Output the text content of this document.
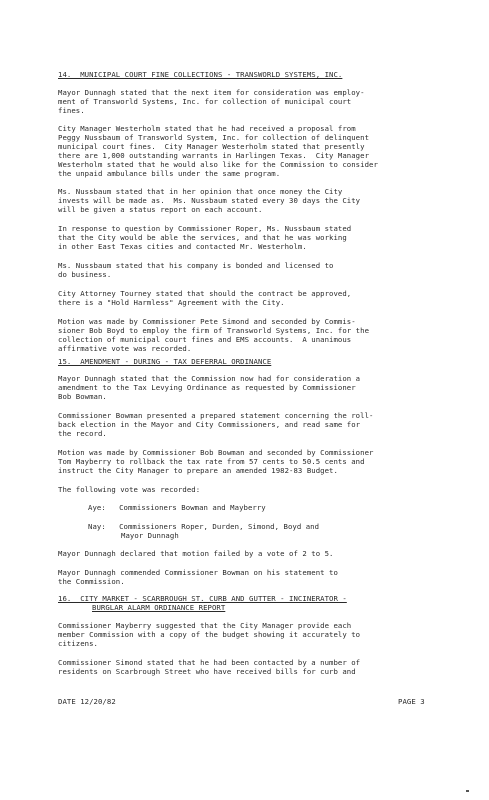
14.  MUNICIPAL COURT FINE COLLECTIONS - TRANSWORLD SYSTEMS, INC.
Mayor Dunnagh stated that the next item for consideration was employ-
ment of Transworld Systems, Inc. for collection of municipal court
fines.
City Manager Westerholm stated that he had received a proposal from
Peggy Nussbaum of Transworld System, Inc. for collection of delinquent
municipal court fines.  City Manager Westerholm stated that presently
there are 1,000 outstanding warrants in Harlingen Texas.  City Manager
Westerholm stated that he would also like for the Commission to consider
the unpaid ambulance bills under the same program.
Ms. Nussbaum stated that in her opinion that once money the City
invests will be made as.  Ms. Nussbaum stated every 30 days the City
will be given a status report on each account.
In response to question by Commissioner Roper, Ms. Nussbaum stated
that the City would be able the services, and that he was working
in other East Texas cities and contacted Mr. Westerholm.
Ms. Nussbaum stated that his company is bonded and licensed to
do business.
City Attorney Tourney stated that should the contract be approved,
there is a "Hold Harmless" Agreement with the City.
Motion was made by Commissioner Pete Simond and seconded by Commis-
sioner Bob Boyd to employ the firm of Transworld Systems, Inc. for the
collection of municipal court fines and EMS accounts.  A unanimous
affirmative vote was recorded.
15.  AMENDMENT - DURING - TAX DEFERRAL ORDINANCE
Mayor Dunnagh stated that the Commission now had for consideration a
amendment to the Tax Levying Ordinance as requested by Commissioner
Bob Bowman.
Commissioner Bowman presented a prepared statement concerning the roll-
back election in the Mayor and City Commissioners, and read same for
the record.
Motion was made by Commissioner Bob Bowman and seconded by Commissioner
Tom Mayberry to rollback the tax rate from 57 cents to 50.5 cents and
instruct the City Manager to prepare an amended 1982-83 Budget.
The following vote was recorded:
Aye:   Commissioners Bowman and Mayberry
Nay:   Commissioners Roper, Durden, Simond, Boyd and
Mayor Dunnagh
Mayor Dunnagh declared that motion failed by a vote of 2 to 5.
Mayor Dunnagh commended Commissioner Bowman on his statement to
the Commission.
16.  CITY MARKET - SCARBROUGH ST. CURB AND GUTTER - INCINERATOR -
BURGLAR ALARM ORDINANCE REPORT
Commissioner Mayberry suggested that the City Manager provide each
member Commission with a copy of the budget showing it accurately to
citizens.
Commissioner Simond stated that he had been contacted by a number of
residents on Scarbrough Street who have received bills for curb and
DATE 12/20/82	PAGE 3
